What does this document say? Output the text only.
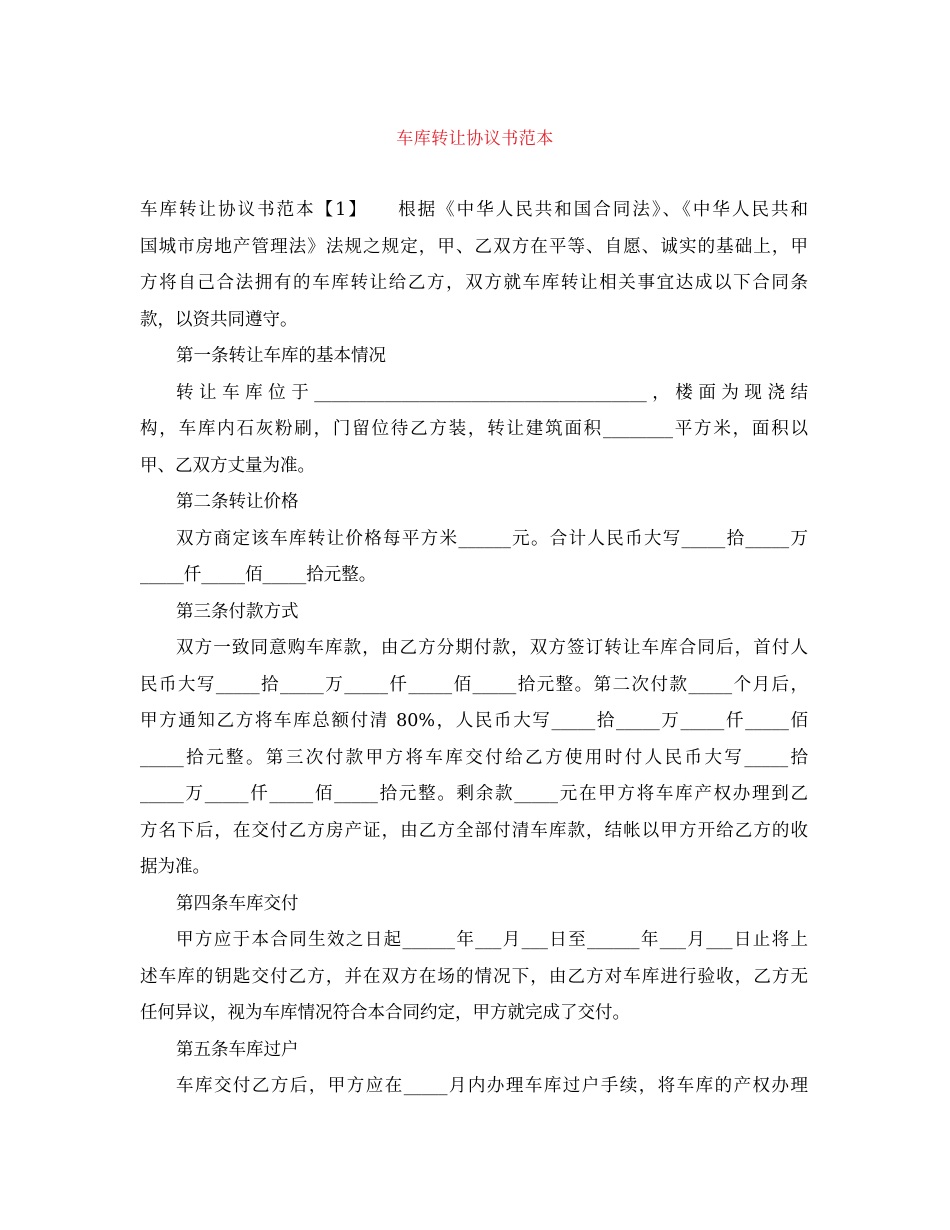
车库转让协议书范本
车库转让协议书范本【1】　　根据《中华人民共和国合同法》、《中华人民共和
国城市房地产管理法》法规之规定，甲、乙双方在平等、自愿、诚实的基础上，甲
方将自己合法拥有的车库转让给乙方，双方就车库转让相关事宜达成以下合同条
款，以资共同遵守。
第一条转让车库的基本情况
转让车库位于______________________________________，楼面为现浇结
构，车库内石灰粉刷，门留位待乙方装，转让建筑面积________平方米，面积以
甲、乙双方丈量为准。
第二条转让价格
双方商定该车库转让价格每平方米______元。合计人民币大写_____拾_____万
_____仟_____佰_____拾元整。
第三条付款方式
双方一致同意购车库款，由乙方分期付款，双方签订转让车库合同后，首付人
民币大写_____拾_____万_____仟_____佰_____拾元整。第二次付款_____个月后，
甲方通知乙方将车库总额付清 80%，人民币大写_____拾_____万_____仟_____佰
_____拾元整。第三次付款甲方将车库交付给乙方使用时付人民币大写_____拾
_____万_____仟_____佰_____拾元整。剩余款_____元在甲方将车库产权办理到乙
方名下后，在交付乙方房产证，由乙方全部付清车库款，结帐以甲方开给乙方的收
据为准。
第四条车库交付
甲方应于本合同生效之日起______年___月___日至______年___月___日止将上
述车库的钥匙交付乙方，并在双方在场的情况下，由乙方对车库进行验收，乙方无
任何异议，视为车库情况符合本合同约定，甲方就完成了交付。
第五条车库过户
车库交付乙方后，甲方应在_____月内办理车库过户手续，将车库的产权办理
